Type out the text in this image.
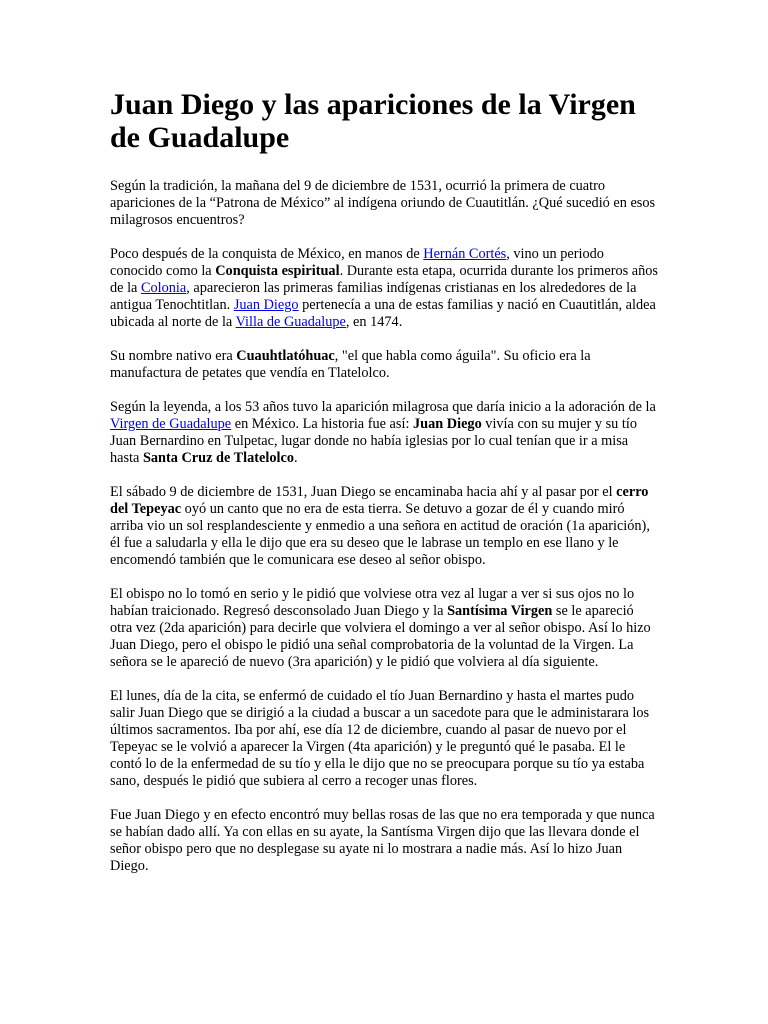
Juan Diego y las apariciones de la Virgen de Guadalupe

Según la tradición, la mañana del 9 de diciembre de 1531, ocurrió la primera de cuatro apariciones de la “Patrona de México” al indígena oriundo de Cuautitlán. ¿Qué sucedió en esos milagrosos encuentros?

Poco después de la conquista de México, en manos de Hernán Cortés, vino un periodo conocido como la Conquista espiritual. Durante esta etapa, ocurrida durante los primeros años de la Colonia, aparecieron las primeras familias indígenas cristianas en los alrededores de la antigua Tenochtitlan. Juan Diego pertenecía a una de estas familias y nació en Cuautitlán, aldea ubicada al norte de la Villa de Guadalupe, en 1474.

Su nombre nativo era Cuauhtlatóhuac, "el que habla como águila". Su oficio era la manufactura de petates que vendía en Tlatelolco.

Según la leyenda, a los 53 años tuvo la aparición milagrosa que daría inicio a la adoración de la Virgen de Guadalupe en México. La historia fue así: Juan Diego vivía con su mujer y su tío Juan Bernardino en Tulpetac, lugar donde no había iglesias por lo cual tenían que ir a misa hasta Santa Cruz de Tlatelolco.

El sábado 9 de diciembre de 1531, Juan Diego se encaminaba hacia ahí y al pasar por el cerro del Tepeyac oyó un canto que no era de esta tierra. Se detuvo a gozar de él y cuando miró arriba vio un sol resplandesciente y enmedio a una señora en actitud de oración (1a aparición), él fue a saludarla y ella le dijo que era su deseo que le labrase un templo en ese llano y le encomendó también que le comunicara ese deseo al señor obispo.

El obispo no lo tomó en serio y le pidió que volviese otra vez al lugar a ver si sus ojos no lo habían traicionado. Regresó desconsolado Juan Diego y la Santísima Virgen se le apareció otra vez (2da aparición) para decirle que volviera el domingo a ver al señor obispo. Así lo hizo Juan Diego, pero el obispo le pidió una señal comprobatoria de la voluntad de la Virgen. La señora se le apareció de nuevo (3ra aparición) y le pidió que volviera al día siguiente.

El lunes, día de la cita, se enfermó de cuidado el tío Juan Bernardino y hasta el martes pudo salir Juan Diego que se dirigió a la ciudad a buscar a un sacedote para que le administarara los últimos sacramentos. Iba por ahí, ese día 12 de diciembre, cuando al pasar de nuevo por el Tepeyac se le volvió a aparecer la Virgen (4ta aparición) y le preguntó qué le pasaba. El le contó lo de la enfermedad de su tío y ella le dijo que no se preocupara porque su tío ya estaba sano, después le pidió que subiera al cerro a recoger unas flores.

Fue Juan Diego y en efecto encontró muy bellas rosas de las que no era temporada y que nunca se habían dado allí. Ya con ellas en su ayate, la Santísma Virgen dijo que las llevara donde el señor obispo pero que no desplegase su ayate ni lo mostrara a nadie más. Así lo hizo Juan Diego.
